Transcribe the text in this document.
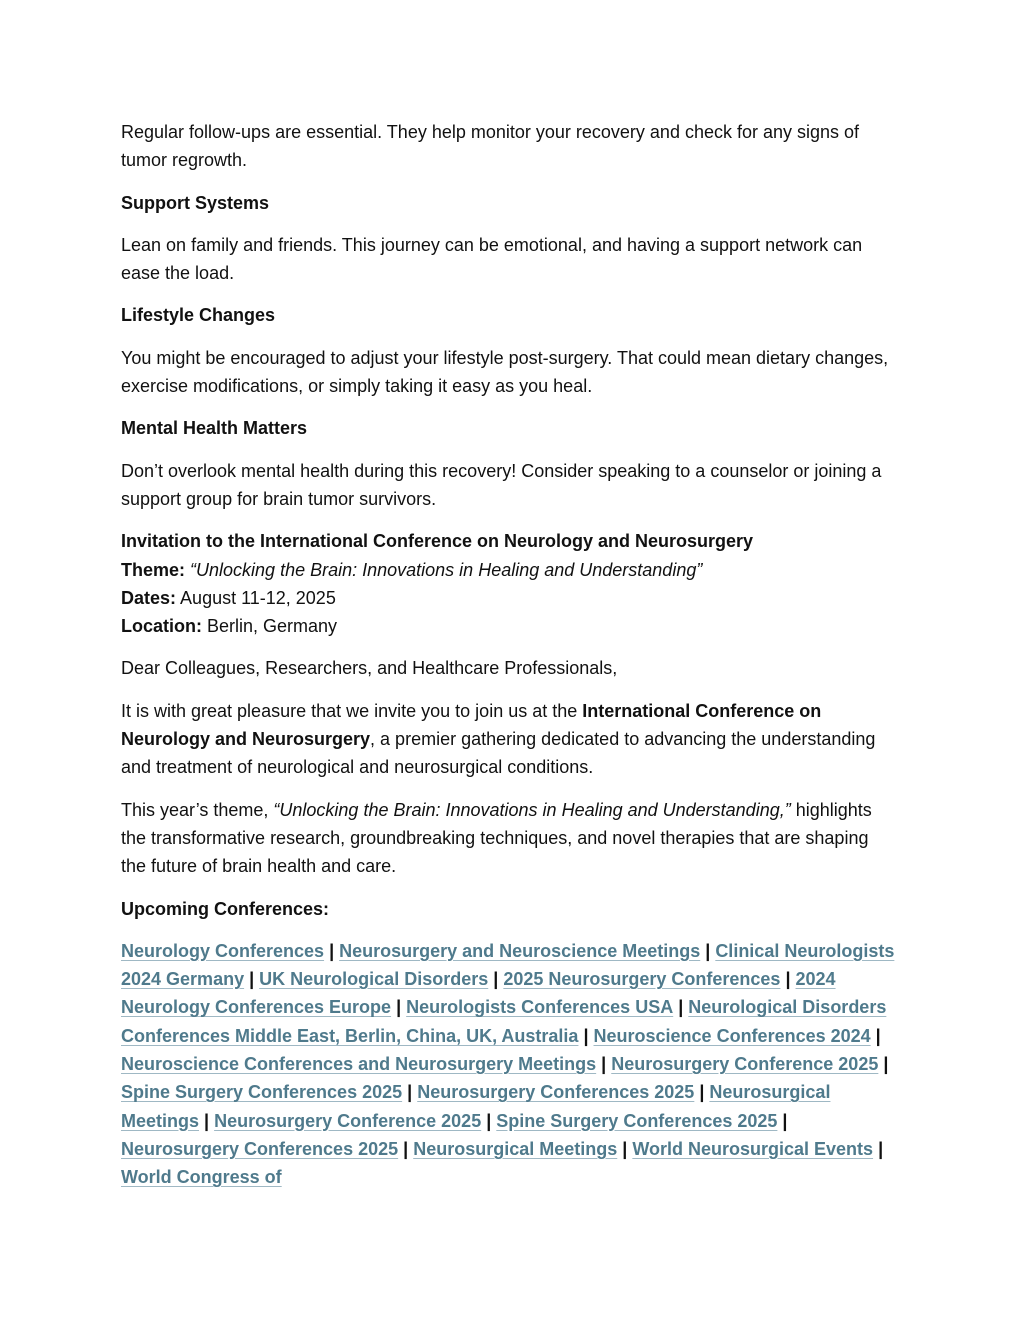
Regular follow-ups are essential. They help monitor your recovery and check for any signs of tumor regrowth.

Support Systems

Lean on family and friends. This journey can be emotional, and having a support network can ease the load.

Lifestyle Changes

You might be encouraged to adjust your lifestyle post-surgery. That could mean dietary changes, exercise modifications, or simply taking it easy as you heal.

Mental Health Matters

Don’t overlook mental health during this recovery! Consider speaking to a counselor or joining a support group for brain tumor survivors.

Invitation to the International Conference on Neurology and Neurosurgery

Theme: “Unlocking the Brain: Innovations in Healing and Understanding”

Dates: August 11-12, 2025

Location: Berlin, Germany

Dear Colleagues, Researchers, and Healthcare Professionals,

It is with great pleasure that we invite you to join us at the International Conference on Neurology and Neurosurgery, a premier gathering dedicated to advancing the understanding and treatment of neurological and neurosurgical conditions.

This year’s theme, “Unlocking the Brain: Innovations in Healing and Understanding,” highlights the transformative research, groundbreaking techniques, and novel therapies that are shaping the future of brain health and care.

Upcoming Conferences:

Neurology Conferences | Neurosurgery and Neuroscience Meetings | Clinical Neurologists 2024 Germany | UK Neurological Disorders | 2025 Neurosurgery Conferences | 2024 Neurology Conferences Europe | Neurologists Conferences USA | Neurological Disorders Conferences Middle East, Berlin, China, UK, Australia | Neuroscience Conferences 2024 | Neuroscience Conferences and Neurosurgery Meetings | Neurosurgery Conference 2025 | Spine Surgery Conferences 2025 | Neurosurgery Conferences 2025 | Neurosurgical Meetings | Neurosurgery Conference 2025 | Spine Surgery Conferences 2025 | Neurosurgery Conferences 2025 | Neurosurgical Meetings | World Neurosurgical Events | World Congress of
